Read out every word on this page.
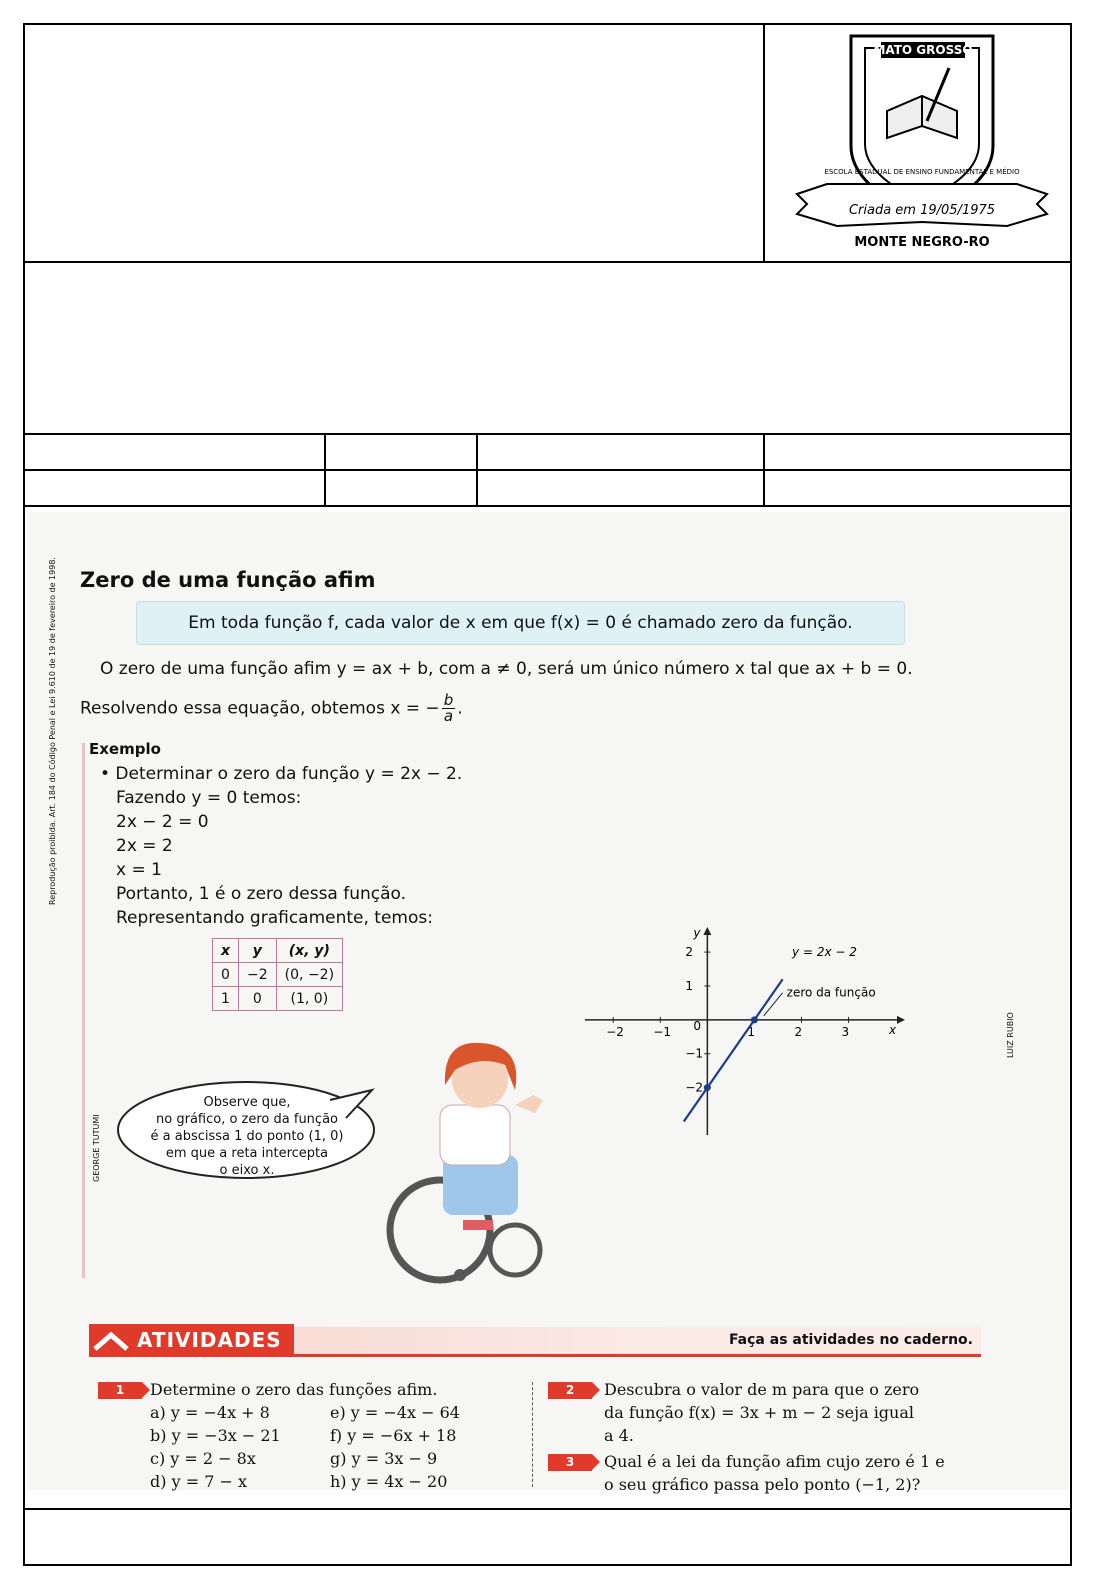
MATO GROSSO
Criada em 19/05/1975
MONTE NEGRO-RO
ESCOLA ESTADUAL DE ENSINO FUNDAMENTAL E MÉDIO

Zero de uma função afim
Em toda função f, cada valor de x em que f(x) = 0 é chamado zero da função.
O zero de uma função afim y = ax + b, com a ≠ 0, será um único número x tal que ax + b = 0.
Resolvendo essa equação, obtemos x = − $\frac{b}{a}$ .
Exemplo
• Determinar o zero da função y = 2x − 2.
Fazendo y = 0 temos:
2x − 2 = 0
2x = 2
x = 1
Portanto, 1 é o zero dessa função.
Representando graficamente, temos:
x	y	(x, y)
0	−2	(0, −2)
1	0	(1, 0)
Reprodução proibida. Art. 184 do Código Penal e Lei 9.610 de 19 de fevereiro de 1998.
GEORGE TUTUMI
LUIZ RUBIO
Observe que,
no gráfico, o zero da função
é a abscissa 1 do ponto (1, 0)
em que a reta intercepta
o eixo x.
x
y
0
−2 −1	1	2	3
2
1
−1
−2
y = 2x − 2
zero da função
ATIVIDADES	Faça as atividades no caderno.
1	Determine o zero das funções afim.
a) y = −4x + 8
b) y = −3x − 21
c) y = 2 − 8x
d) y = 7 − x
e) y = −4x − 64
f) y = −6x + 18
g) y = 3x − 9
h) y = 4x − 20
2	Descubra o valor de m para que o zero
da função f(x) = 3x + m − 2 seja igual
a 4.
3	Qual é a lei da função afim cujo zero é 1 e
o seu gráfico passa pelo ponto (−1, 2)?
